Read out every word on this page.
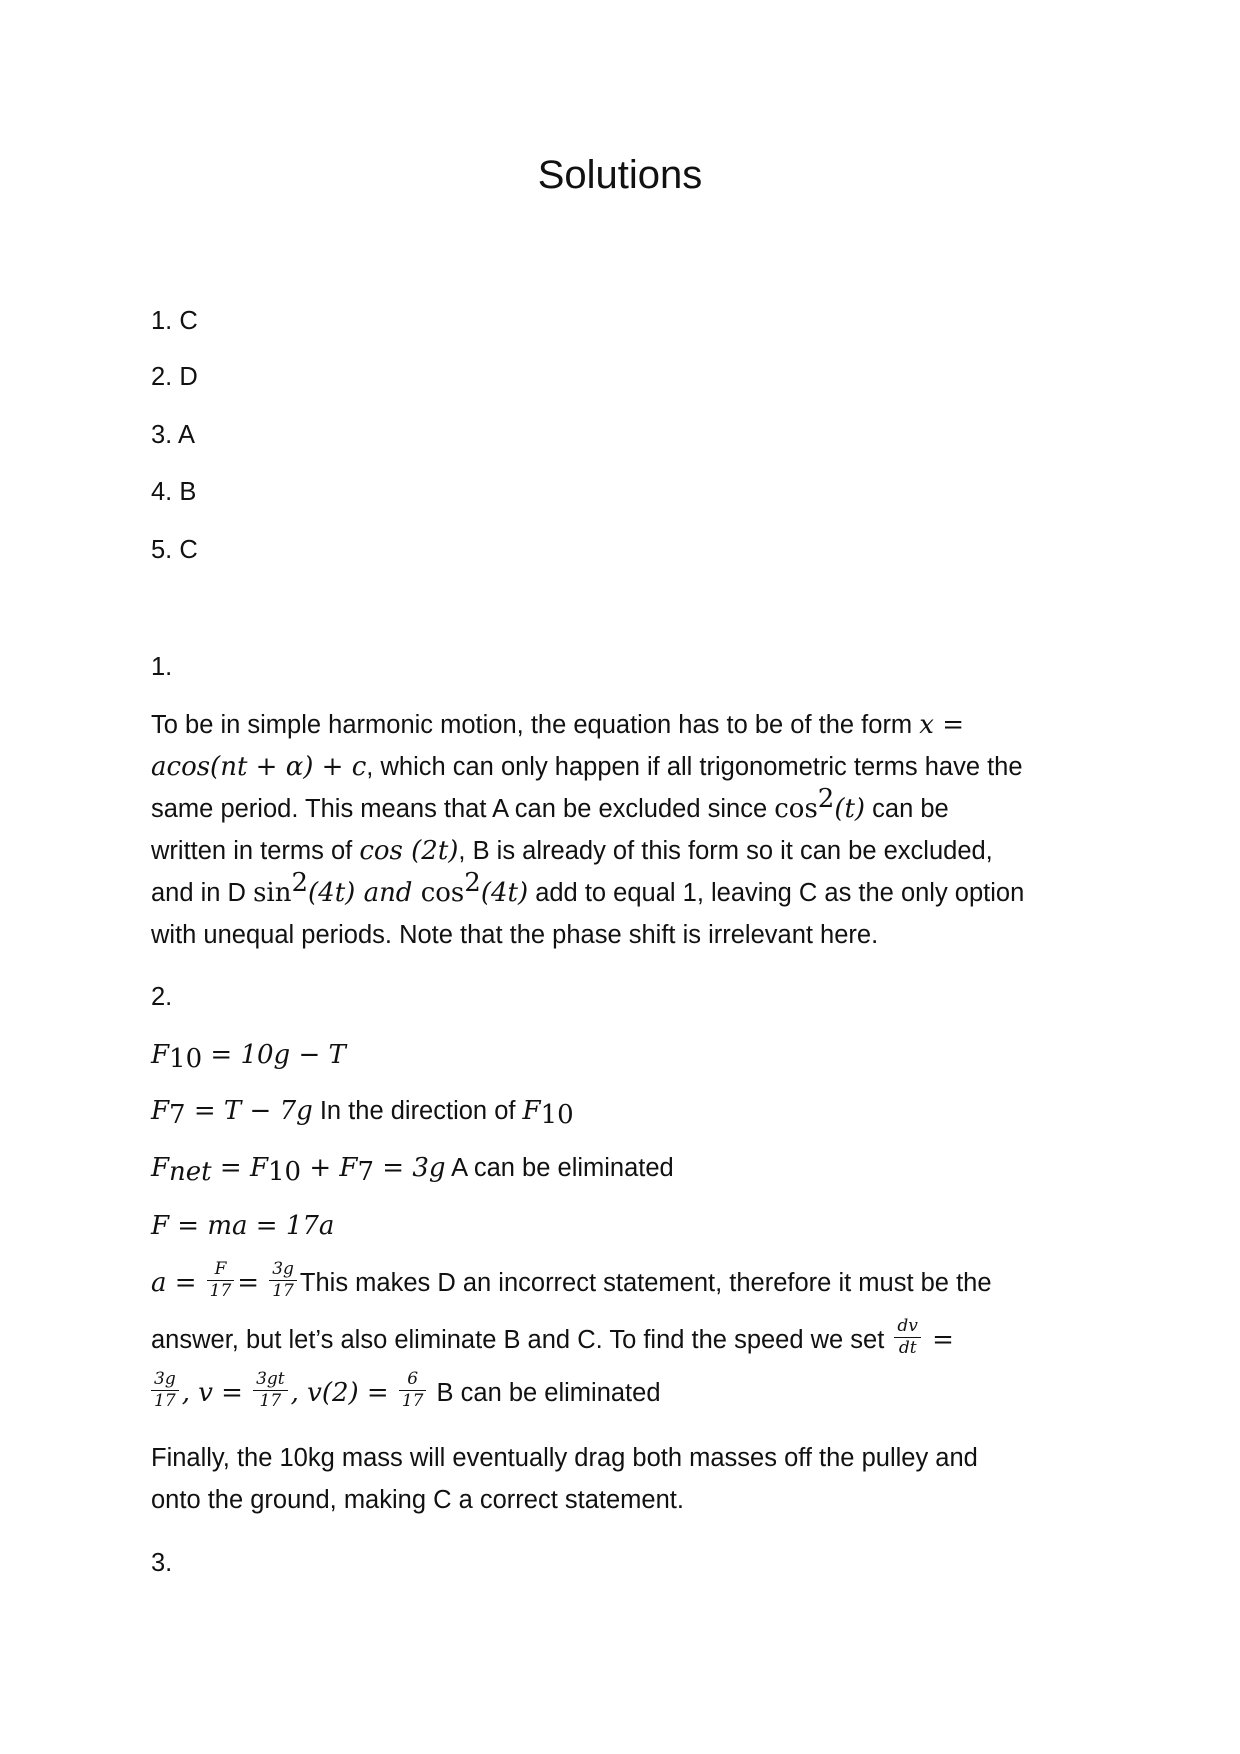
Solutions
1. C
2. D
3. A
4. B
5. C
1.
To be in simple harmonic motion, the equation has to be of the form x =
acos(nt + α) + c, which can only happen if all trigonometric terms have the
same period. This means that A can be excluded since $\cos^2(t)$ can be
written in terms of cos (2t), B is already of this form so it can be excluded,
and in D $\sin^2(4t)$ and $\cos^2(4t)$ add to equal 1, leaving C as the only option
with unequal periods. Note that the phase shift is irrelevant here.
2.
$F_{10} = 10g - T$
$F_7 = T - 7g$ In the direction of $F_{10}$
$F_{net} = F_{10} + F_7 = 3g$ A can be eliminated
F = ma = 17a
$a = \frac{F}{17} = \frac{3g}{17}$ This makes D an incorrect statement, therefore it must be the
answer, but let’s also eliminate B and C. To find the speed we set $\frac{dv}{dt}$ =
$\frac{3g}{17}$ , $v = \frac{3gt}{17}$ , $v(2) = \frac{6}{17}$ B can be eliminated
Finally, the 10kg mass will eventually drag both masses off the pulley and
onto the ground, making C a correct statement.
3.
